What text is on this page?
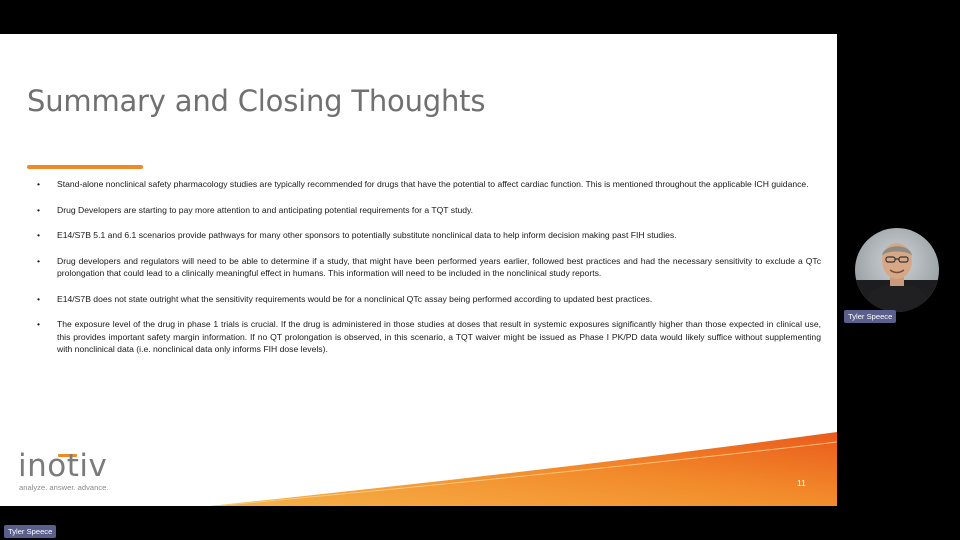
Summary and Closing Thoughts
• Stand-alone nonclinical safety pharmacology studies are typically recommended for drugs that have the potential to affect cardiac function. This is mentioned throughout the applicable ICH guidance.
• Drug Developers are starting to pay more attention to and anticipating potential requirements for a TQT study.
• E14/S7B 5.1 and 6.1 scenarios provide pathways for many other sponsors to potentially substitute nonclinical data to help inform decision making past FIH studies.
• Drug developers and regulators will need to be able to determine if a study, that might have been performed years earlier, followed best practices and had the necessary sensitivity to exclude a QTc prolongation that could lead to a clinically meaningful effect in humans. This information will need to be included in the nonclinical study reports.
• E14/S7B does not state outright what the sensitivity requirements would be for a nonclinical QTc assay being performed according to updated best practices.
• The exposure level of the drug in phase 1 trials is crucial. If the drug is administered in those studies at doses that result in systemic exposures significantly higher than those expected in clinical use, this provides important safety margin information. If no QT prolongation is observed, in this scenario, a TQT waiver might be issued as Phase I PK/PD data would likely suffice without supplementing with nonclinical data (i.e. nonclinical data only informs FIH dose levels).
inotiv
analyze. answer. advance.	11
Tyler Speece
Tyler Speece
